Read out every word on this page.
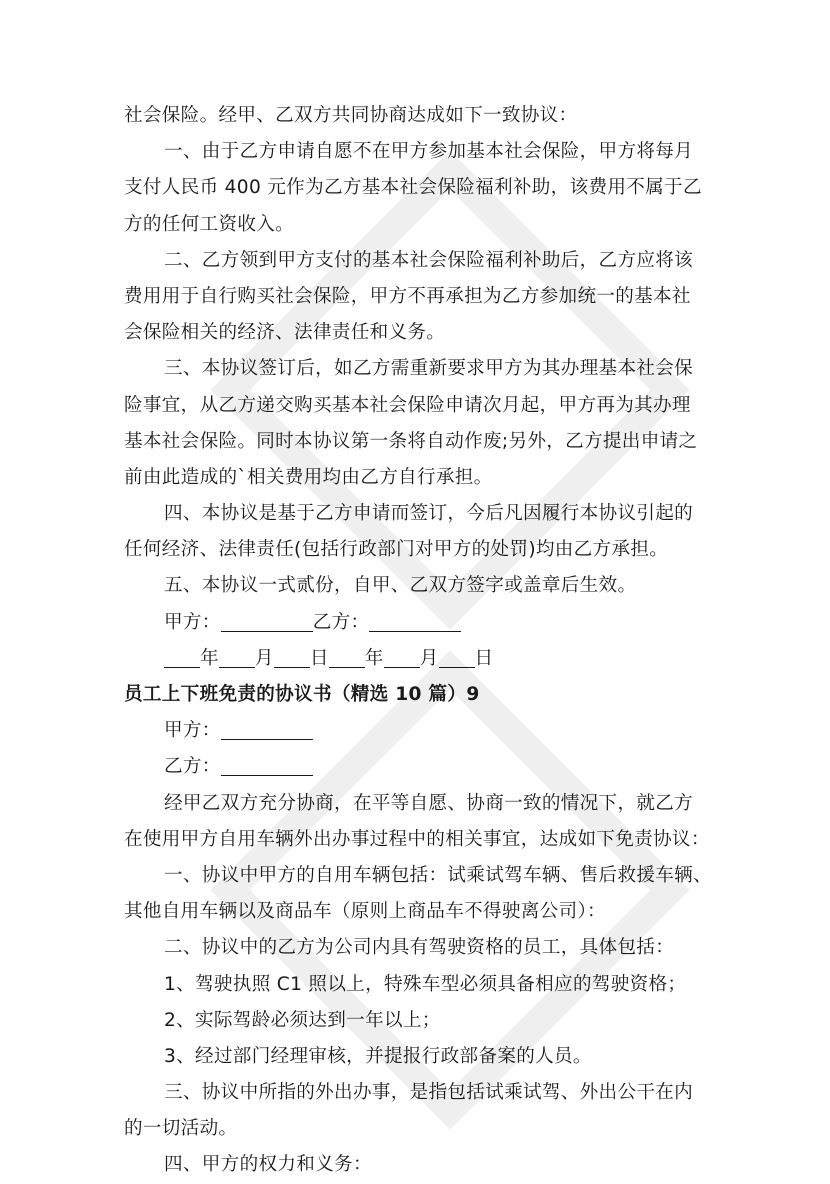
社会保险。经甲、乙双方共同协商达成如下一致协议：
一、由于乙方申请自愿不在甲方参加基本社会保险，甲方将每月
支付人民币 400 元作为乙方基本社会保险福利补助，该费用不属于乙
方的任何工资收入。
二、乙方领到甲方支付的基本社会保险福利补助后，乙方应将该
费用用于自行购买社会保险，甲方不再承担为乙方参加统一的基本社
会保险相关的经济、法律责任和义务。
三、本协议签订后，如乙方需重新要求甲方为其办理基本社会保
险事宜，从乙方递交购买基本社会保险申请次月起，甲方再为其办理
基本社会保险。同时本协议第一条将自动作废;另外，乙方提出申请之
前由此造成的`相关费用均由乙方自行承担。
四、本协议是基于乙方申请而签订，今后凡因履行本协议引起的
任何经济、法律责任(包括行政部门对甲方的处罚)均由乙方承担。
五、本协议一式贰份，自甲、乙双方签字或盖章后生效。
甲方：	乙方：
年 月 日 年 月 日
员工上下班免责的协议书（精选 10 篇）9
甲方：
乙方：
经甲乙双方充分协商，在平等自愿、协商一致的情况下，就乙方
在使用甲方自用车辆外出办事过程中的相关事宜，达成如下免责协议：
一、协议中甲方的自用车辆包括：试乘试驾车辆、售后救援车辆、
其他自用车辆以及商品车（原则上商品车不得驶离公司）：
二、协议中的乙方为公司内具有驾驶资格的员工，具体包括：
1、驾驶执照 C1 照以上，特殊车型必须具备相应的驾驶资格；
2、实际驾龄必须达到一年以上；
3、经过部门经理审核，并提报行政部备案的人员。
三、协议中所指的外出办事，是指包括试乘试驾、外出公干在内
的一切活动。
四、甲方的权力和义务：
